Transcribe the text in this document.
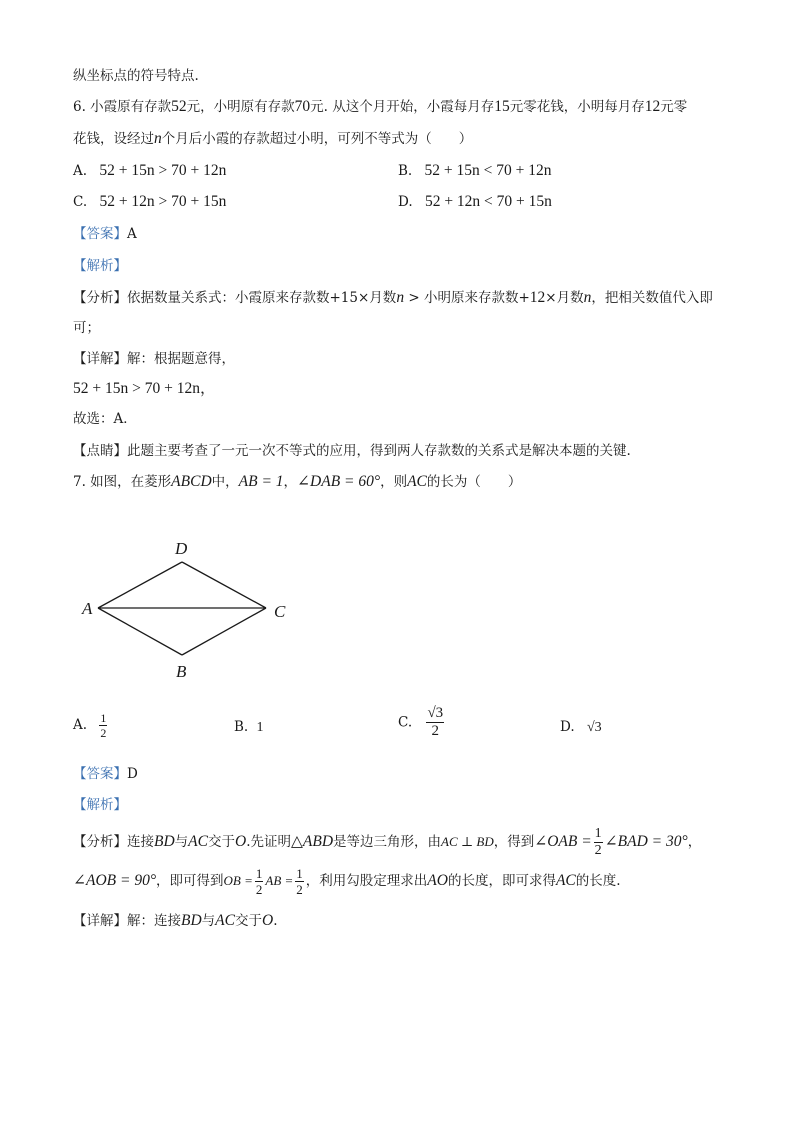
纵坐标点的符号特点.
6. 小霞原有存款52元，小明原有存款70元. 从这个月开始，小霞每月存15元零花钱，小明每月存12元零
花钱，设经过n个月后小霞的存款超过小明，可列不等式为（　　）
A. 52 + 15n > 70 + 12n	B. 52 + 15n < 70 + 12n
C. 52 + 12n > 70 + 15n	D. 52 + 12n < 70 + 15n
【答案】A
【解析】
【分析】依据数量关系式：小霞原来存款数+15×月数n > 小明原来存款数+12×月数n，把相关数值代入即
可；
【详解】解：根据题意得，
52 + 15n > 70 + 12n，
故选：A．
【点睛】此题主要考查了一元一次不等式的应用，得到两人存款数的关系式是解决本题的关键.
7. 如图，在菱形ABCD中，AB = 1，∠DAB = 60°，则AC的长为（　　）
D
A	C
B
A. $\frac{1}{2}$	B. 1	C. $\frac{√3}{2}$	D. √3
【答案】D
【解析】
【分析】连接BD与AC交于O.先证明△ABD是等边三角形，由AC ⊥ BD，得到∠OAB = $\frac{1}{2}$ ∠BAD = 30°，
∠AOB = 90°，即可得到OB = $\frac{1}{2}$ AB = $\frac{1}{2}$ ，利用勾股定理求出AO的长度，即可求得AC的长度.
【详解】解：连接BD与AC交于O.
